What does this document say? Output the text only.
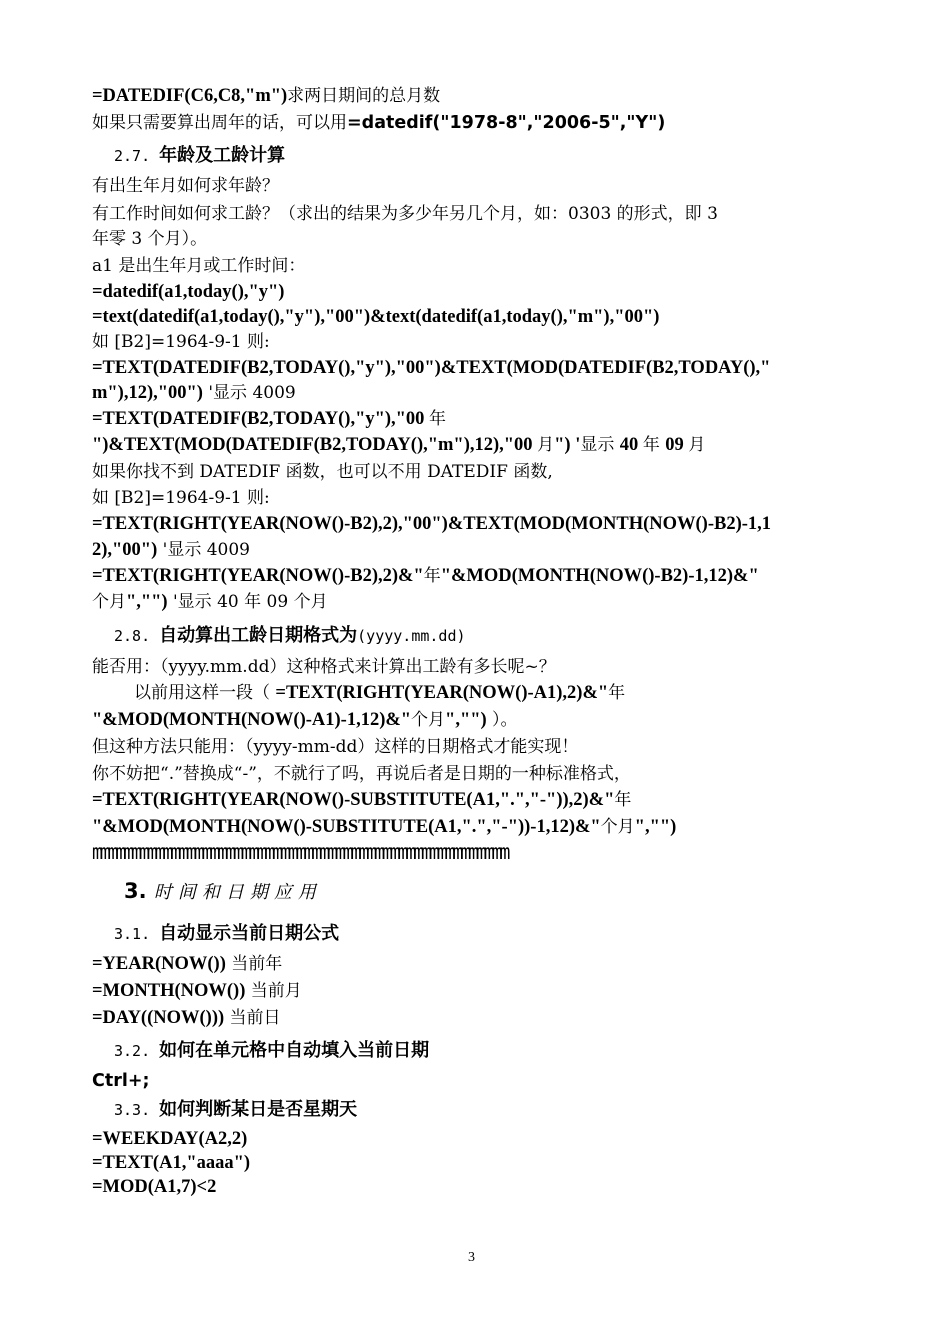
=DATEDIF(C6,C8,"m")求两日期间的总月数
如果只需要算出周年的话，可以用=datedif("1978-8","2006-5","Y")
2.7. 年龄及工龄计算
有出生年月如何求年龄？
有工作时间如何求工龄？（求出的结果为多少年另几个月，如：0303 的形式，即 3
年零 3 个月）。
a1 是出生年月或工作时间：
=datedif(a1,today(),"y")
=text(datedif(a1,today(),"y"),"00")&text(datedif(a1,today(),"m"),"00")
如 [B2]=1964-9-1 则:
=TEXT(DATEDIF(B2,TODAY(),"y"),"00")&TEXT(MOD(DATEDIF(B2,TODAY(),"
m"),12),"00") '显示 4009
=TEXT(DATEDIF(B2,TODAY(),"y"),"00 年
")&TEXT(MOD(DATEDIF(B2,TODAY(),"m"),12),"00 月") '显示 40 年 09 月
如果你找不到 DATEDIF 函数，也可以不用 DATEDIF 函数,
如 [B2]=1964-9-1 则:
=TEXT(RIGHT(YEAR(NOW()-B2),2),"00")&TEXT(MOD(MONTH(NOW()-B2)-1,1
2),"00") '显示 4009
=TEXT(RIGHT(YEAR(NOW()-B2),2)&"年"&MOD(MONTH(NOW()-B2)-1,12)&"
个月","") '显示 40 年 09 个月
2.8. 自动算出工龄日期格式为(yyyy.mm.dd)
能否用：（yyyy.mm.dd）这种格式来计算出工龄有多长呢~？
以前用这样一段（ =TEXT(RIGHT(YEAR(NOW()-A1),2)&"年
"&MOD(MONTH(NOW()-A1)-1,12)&"个月","") ）。
但这种方法只能用：（yyyy-mm-dd）这样的日期格式才能实现！
你不妨把“.”替换成“-”，不就行了吗，再说后者是日期的一种标准格式，
=TEXT(RIGHT(YEAR(NOW()-SUBSTITUTE(A1,".","-")),2)&"年
"&MOD(MONTH(NOW()-SUBSTITUTE(A1,".","-"))-1,12)&"个月","")
mmmmmmmmmmmmmmmmmmmmmmmmmmmmmmmmmmmmmmmmmmmmmmmmmmmmm
3. 时间和日期应用
3.1. 自动显示当前日期公式
=YEAR(NOW()) 当前年
=MONTH(NOW()) 当前月
=DAY((NOW())) 当前日
3.2. 如何在单元格中自动填入当前日期
Ctrl+;
3.3. 如何判断某日是否星期天
=WEEKDAY(A2,2)
=TEXT(A1,"aaaa")
=MOD(A1,7)<2
3
